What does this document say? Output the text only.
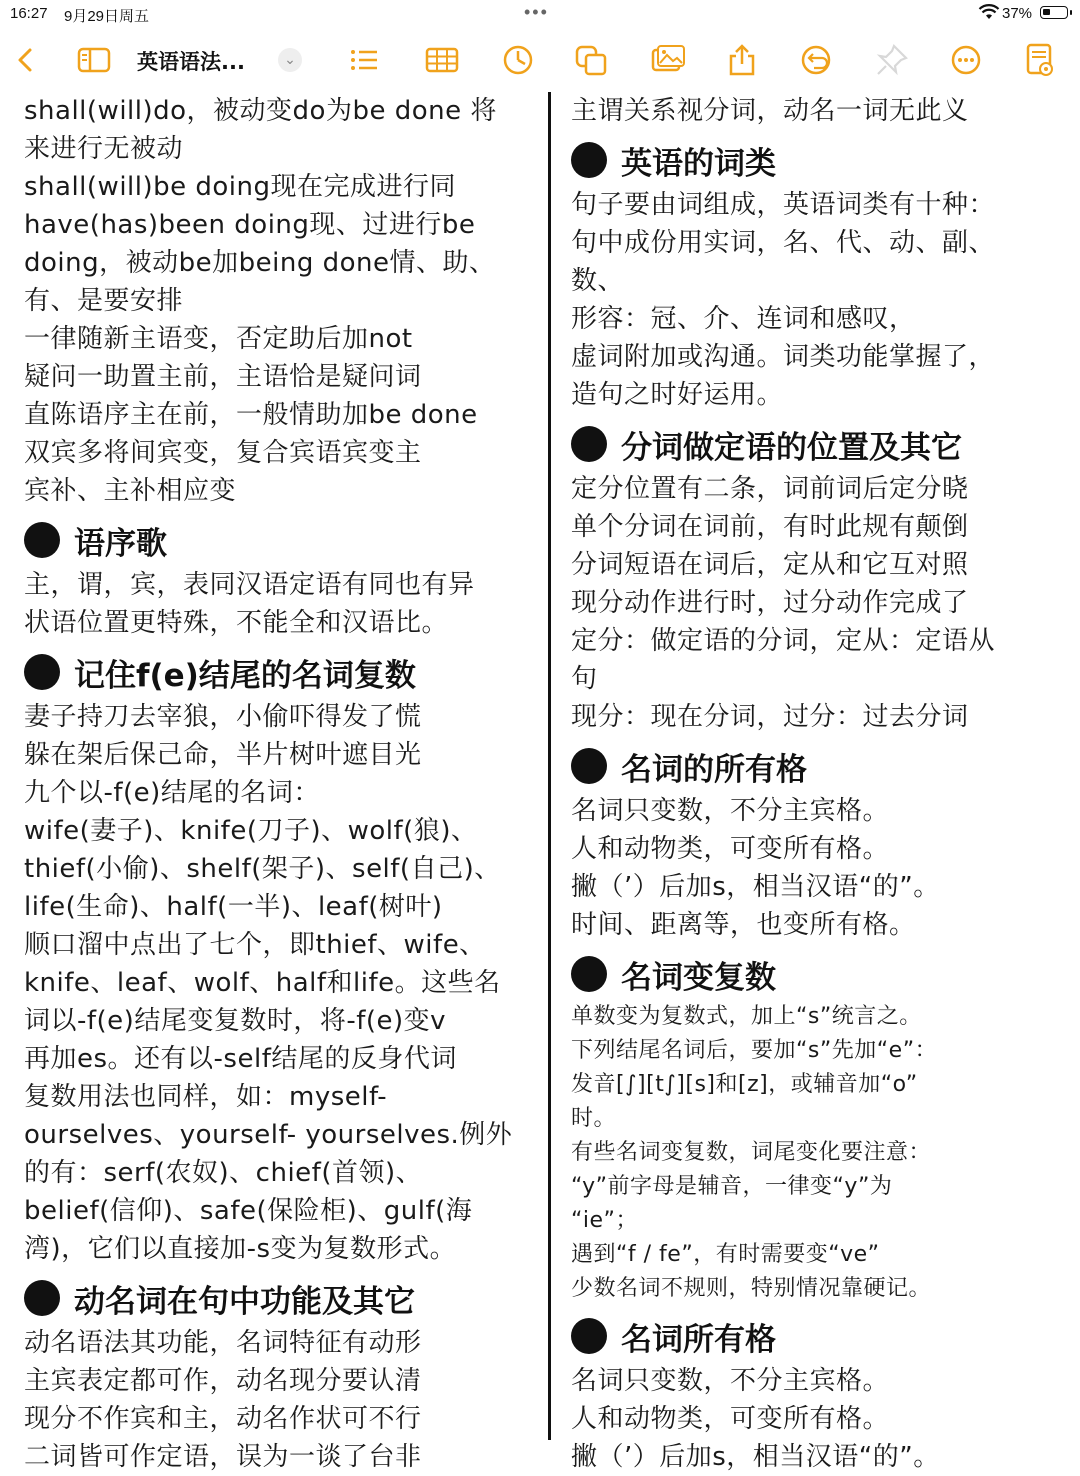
16:27 9月29日周五	•••	37%
英语语法...	⌄
shall(will)do，被动变do为be done 将
来进行无被动
shall(will)be doing现在完成进行同
have(has)been doing现、过进行be
doing，被动be加being done情、助、
有、是要安排
一律随新主语变，否定助后加not
疑问一助置主前，主语恰是疑问词
直陈语序主在前，一般情助加be done
双宾多将间宾变，复合宾语宾变主
宾补、主补相应变
语序歌
主，谓，宾，表同汉语定语有同也有异
状语位置更特殊，不能全和汉语比。
记住f(e)结尾的名词复数
妻子持刀去宰狼，小偷吓得发了慌
躲在架后保己命，半片树叶遮目光
九个以-f(e)结尾的名词：
wife(妻子)、knife(刀子)、wolf(狼)、
thief(小偷)、shelf(架子)、self(自己)、
life(生命)、half(一半)、leaf(树叶)
顺口溜中点出了七个，即thief、wife、
knife、leaf、wolf、half和life。这些名
词以-f(e)结尾变复数时，将-f(e)变v
再加es。还有以-self结尾的反身代词
复数用法也同样，如：myself-
ourselves、yourself- yourselves.例外
的有：serf(农奴)、chief(首领)、
belief(信仰)、safe(保险柜)、gulf(海
湾)，它们以直接加-s变为复数形式。
动名词在句中功能及其它
动名语法其功能，名词特征有动形
主宾表定都可作，动名现分要认清
现分不作宾和主，动名作状可不行
二词皆可作定语，误为一谈了台非
主谓关系视分词，动名一词无此义
英语的词类
句子要由词组成，英语词类有十种：
句中成份用实词，名、代、动、副、
数、
形容：冠、介、连词和感叹，
虚词附加或沟通。词类功能掌握了，
造句之时好运用。
分词做定语的位置及其它
定分位置有二条，词前词后定分晓
单个分词在词前，有时此规有颠倒
分词短语在词后，定从和它互对照
现分动作进行时，过分动作完成了
定分：做定语的分词，定从：定语从
句
现分：现在分词，过分：过去分词
名词的所有格
名词只变数，不分主宾格。
人和动物类，可变所有格。
撇（’）后加s，相当汉语“的”。
时间、距离等，也变所有格。
名词变复数
单数变为复数式，加上“s”统言之。
下列结尾名词后，要加“s”先加“e”：
发音[∫][t∫][s]和[z]，或辅音加“o”
时。
有些名词变复数，词尾变化要注意：
“y”前字母是辅音，一律变“y”为
“ie”；
遇到“f / fe”，有时需要变“ve”
少数名词不规则，特别情况靠硬记。
名词所有格
名词只变数，不分主宾格。
人和动物类，可变所有格。
撇（’）后加s，相当汉语“的”。
